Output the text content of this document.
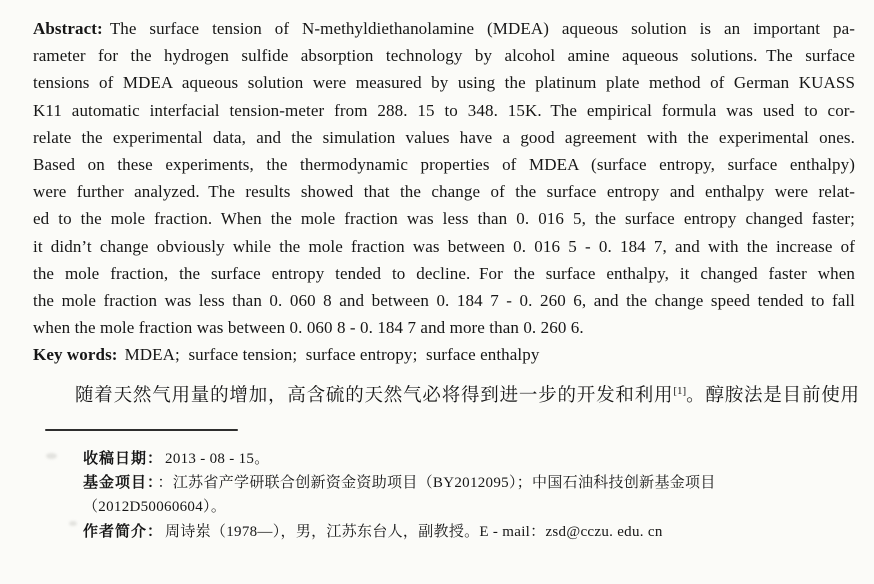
Abstract: The surface tension of N-methyldiethanolamine (MDEA) aqueous solution is an important pa-
rameter for the hydrogen sulfide absorption technology by alcohol amine aqueous solutions. The surface
tensions of MDEA aqueous solution were measured by using the platinum plate method of German KUASS
K11 automatic interfacial tension-meter from 288. 15 to 348. 15K. The empirical formula was used to cor-
relate the experimental data, and the simulation values have a good agreement with the experimental ones.
Based on these experiments, the thermodynamic properties of MDEA (surface entropy, surface enthalpy)
were further analyzed. The results showed that the change of the surface entropy and enthalpy were relat-
ed to the mole fraction. When the mole fraction was less than 0. 016 5, the surface entropy changed faster;
it didn’t change obviously while the mole fraction was between 0. 016 5 - 0. 184 7, and with the increase of
the mole fraction, the surface entropy tended to decline. For the surface enthalpy, it changed faster when
the mole fraction was less than 0. 060 8 and between 0. 184 7 - 0. 260 6, and the change speed tended to fall
when the mole fraction was between 0. 060 8 - 0. 184 7 and more than 0. 260 6.
Key words: MDEA; surface tension; surface entropy; surface enthalpy
随着天然气用量的增加，高含硫的天然气必 将得到进一步的开发和利用[1]。醇胺法是目前使用
收稿日期： 2013 - 08 - 15。
基金项目： ：江苏省产学研联合创新资金资助项目（BY2012095）；中国石油科技创新基金项目（2012D50060604）。
作者简介： 周诗岽（1978—），男，江苏东台人，副教授。E - mail：zsd@cczu. edu. cn
